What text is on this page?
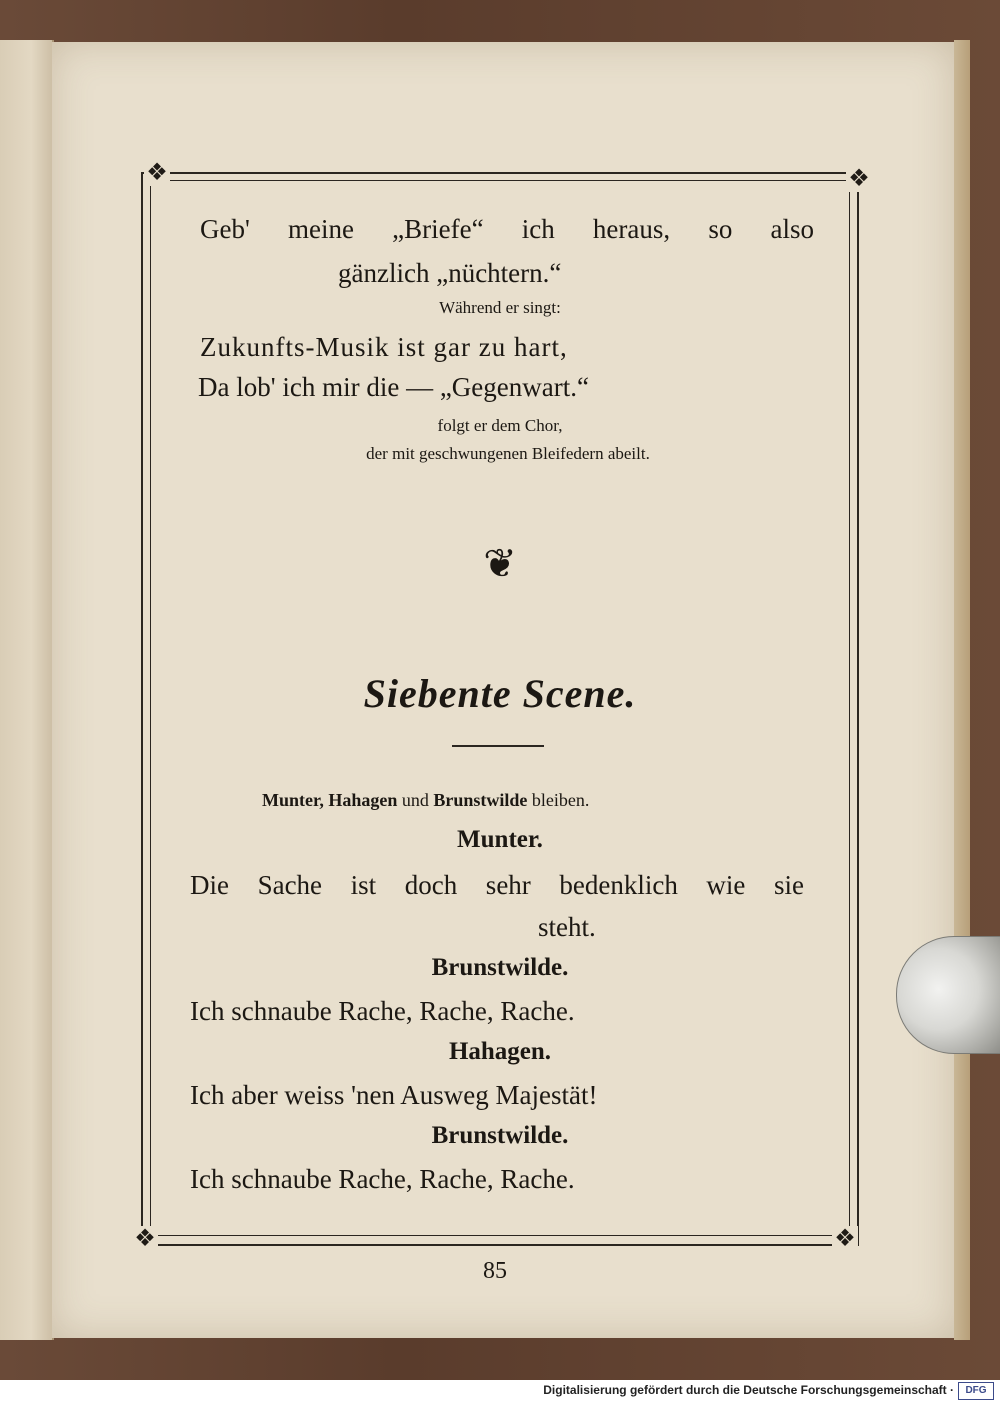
❖	❖
❖	❖
Geb' meine „Briefe“ ich heraus, so also
gänzlich „nüchtern.“
Während er singt:
Zukunfts-Musik ist gar zu hart,
Da lob' ich mir die — „Gegenwart.“
folgt er dem Chor,
der mit geschwungenen Bleifedern abeilt.
❦
Siebente Scene.
Munter, Hahagen und Brunstwilde bleiben.
Munter.
Die Sache ist doch sehr bedenklich wie sie
steht.
Brunstwilde.
Ich schnaube Rache, Rache, Rache.
Hahagen.
Ich aber weiss 'nen Ausweg Majestät!
Brunstwilde.
Ich schnaube Rache, Rache, Rache.
85
Digitalisierung gefördert durch die Deutsche Forschungsgemeinschaft ·	DFG
